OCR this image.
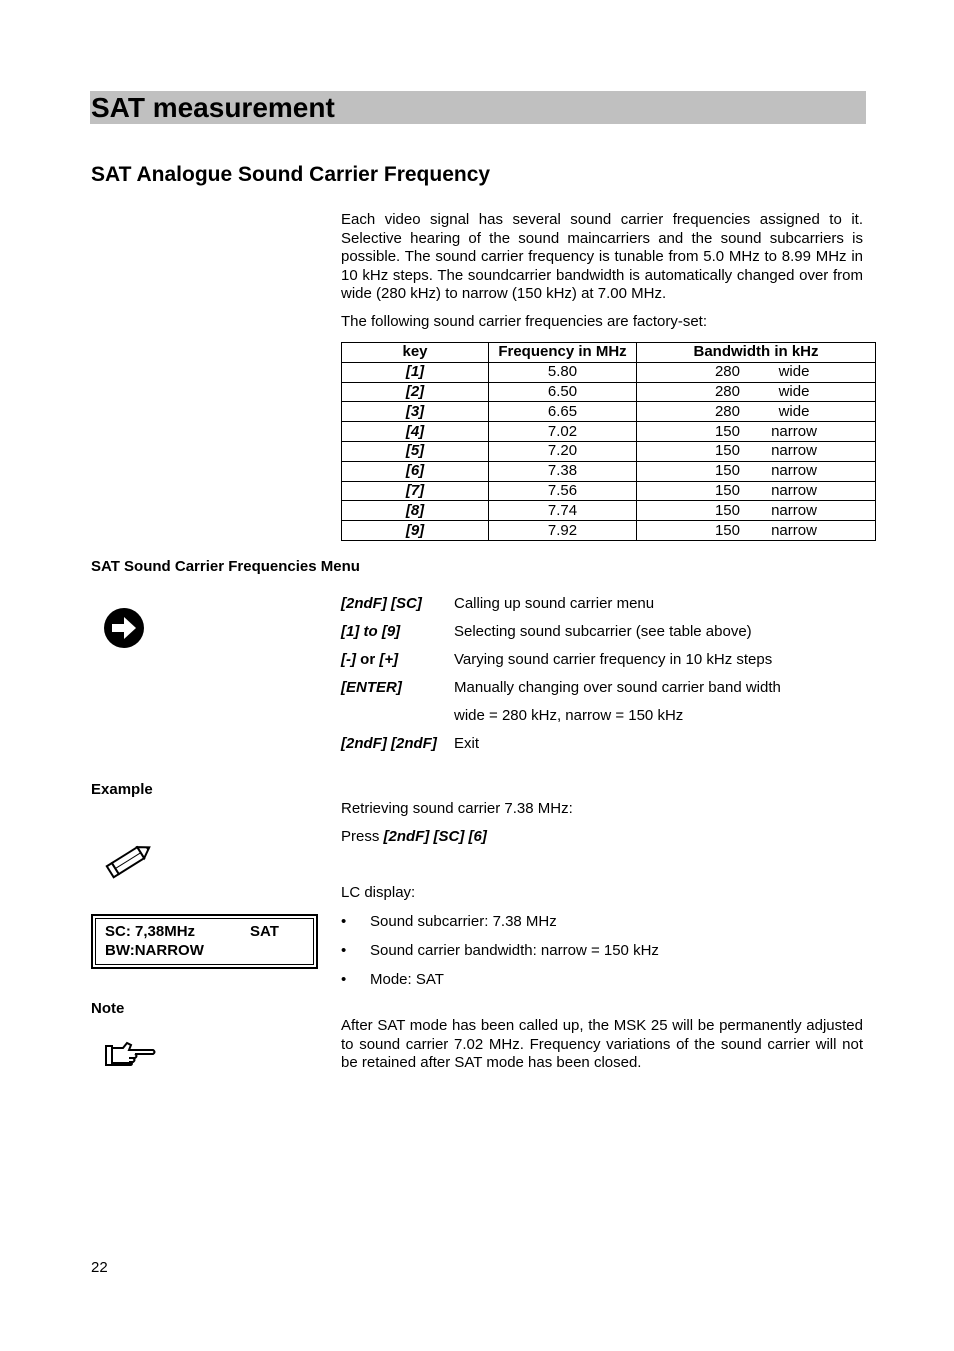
SAT measurement
SAT Analogue Sound Carrier Frequency
Each video signal has several sound carrier frequencies assigned to it. Selective hearing of the sound maincarriers and the sound subcarriers is possible. The sound carrier frequency is tunable from 5.0 MHz to 8.99 MHz in 10 kHz steps. The soundcarrier bandwidth is automatically changed over from wide (280 kHz) to narrow (150 kHz) at 7.00 MHz.
The following sound carrier frequencies are factory-set:
key	Frequency in MHz	Bandwidth in kHz
[1]	5.80	280 wide

[2]	6.50	280 wide

[3]	6.65	280 wide

[4]	7.02	150 narrow

[5]	7.20	150 narrow

[6]	7.38	150 narrow

[7]	7.56	150 narrow

[8]	7.74	150 narrow

[9]	7.92	150 narrow
SAT Sound Carrier Frequencies Menu
[2ndF] [SC]	Calling up sound carrier menu
[1] to [9]	Selecting sound subcarrier (see table above)
[-] or [+]	Varying sound carrier frequency in 10 kHz steps
[ENTER]	Manually changing over sound carrier band width
wide = 280 kHz, narrow = 150 kHz
[2ndF] [2ndF]	Exit
Example
Retrieving sound carrier 7.38 MHz:
Press [2ndF] [SC] [6]
LC display:
SC: 7,38MHz	SAT
BW:NARROW
•	Sound subcarrier: 7.38 MHz
•	Sound carrier bandwidth: narrow = 150 kHz
•	Mode: SAT
Note
After SAT mode has been called up, the MSK 25 will be permanently adjusted to sound carrier 7.02 MHz. Frequency variations of the sound carrier will not be retained after SAT mode has been closed.
22
